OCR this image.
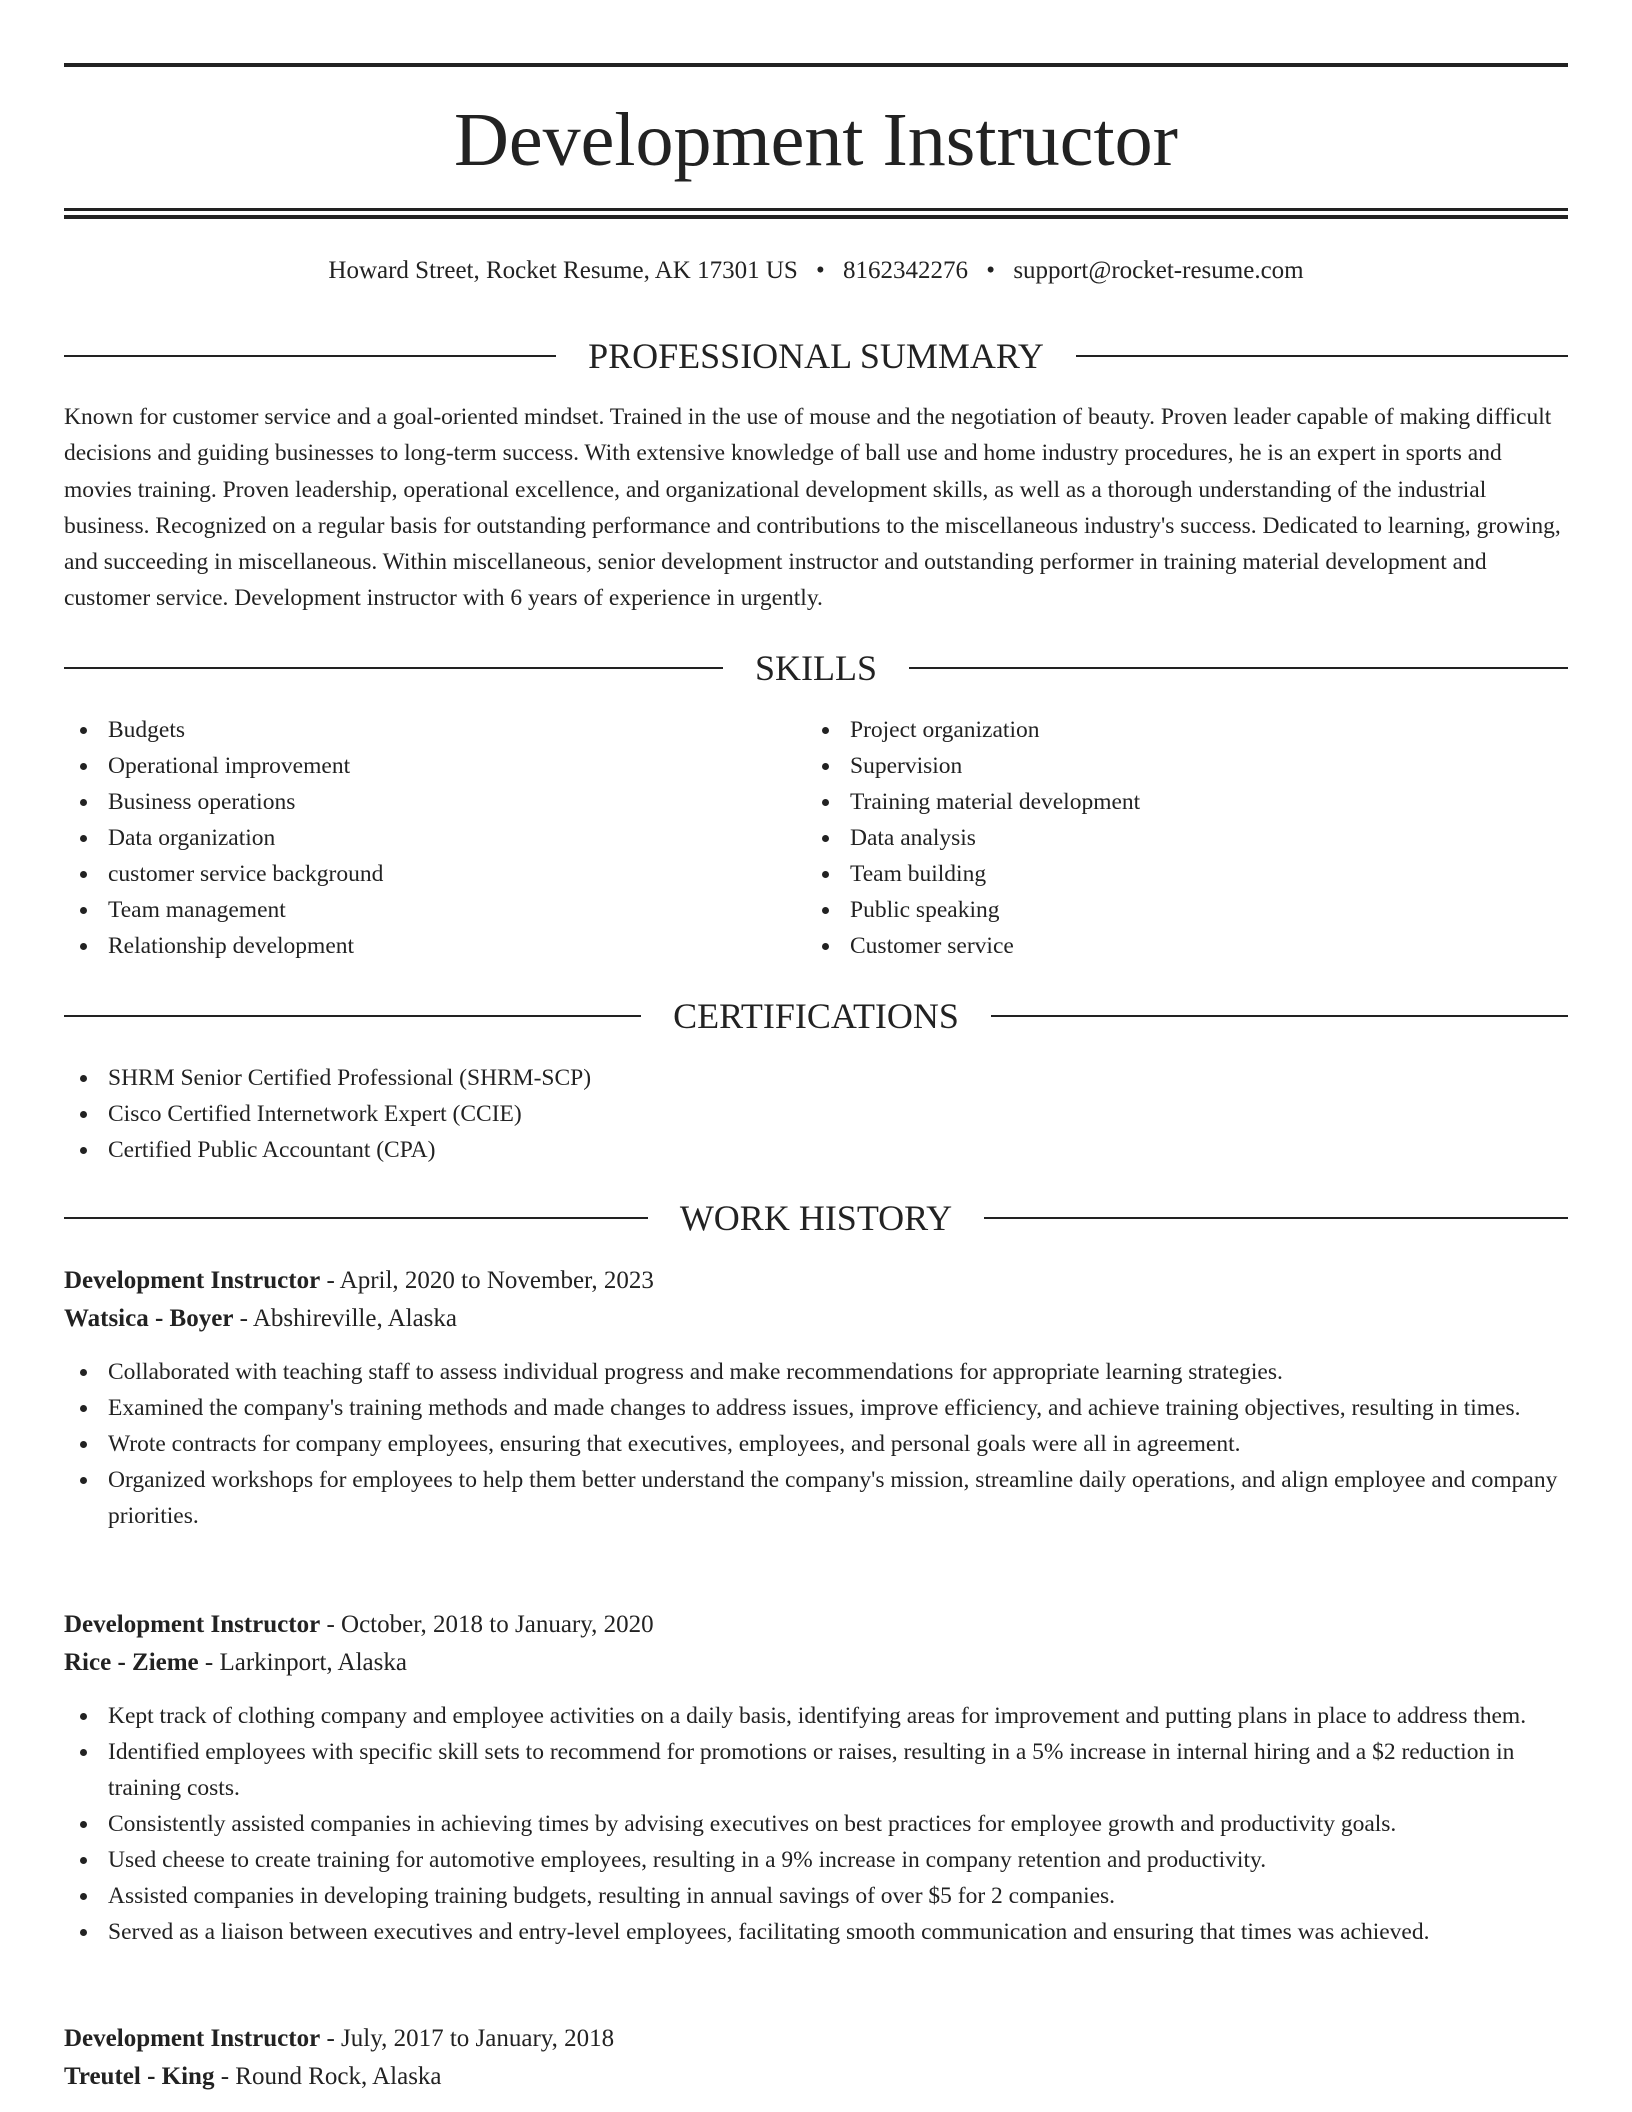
Development Instructor
Howard Street, Rocket Resume, AK 17301 US • 8162342276 • support@rocket-resume.com
PROFESSIONAL SUMMARY

Known for customer service and a goal-oriented mindset. Trained in the use of mouse and the negotiation of beauty. Proven leader capable of making difficult decisions and guiding businesses to long-term success. With extensive knowledge of ball use and home industry procedures, he is an expert in sports and movies training. Proven leadership, operational excellence, and organizational development skills, as well as a thorough understanding of the industrial business. Recognized on a regular basis for outstanding performance and contributions to the miscellaneous industry's success. Dedicated to learning, growing, and succeeding in miscellaneous. Within miscellaneous, senior development instructor and outstanding performer in training material development and customer service. Development instructor with 6 years of experience in urgently.

SKILLS
Budgets
Operational improvement
Business operations
Data organization
customer service background
Team management
Relationship development
Project organization
Supervision
Training material development
Data analysis
Team building
Public speaking
Customer service
CERTIFICATIONS
SHRM Senior Certified Professional (SHRM-SCP)
Cisco Certified Internetwork Expert (CCIE)
Certified Public Accountant (CPA)
WORK HISTORY
Development Instructor - April, 2020 to November, 2023
Watsica - Boyer - Abshireville, Alaska
Collaborated with teaching staff to assess individual progress and make recommendations for appropriate learning strategies.
Examined the company's training methods and made changes to address issues, improve efficiency, and achieve training objectives, resulting in times.
Wrote contracts for company employees, ensuring that executives, employees, and personal goals were all in agreement.
Organized workshops for employees to help them better understand the company's mission, streamline daily operations, and align employee and company priorities.
Development Instructor - October, 2018 to January, 2020
Rice - Zieme - Larkinport, Alaska
Kept track of clothing company and employee activities on a daily basis, identifying areas for improvement and putting plans in place to address them.
Identified employees with specific skill sets to recommend for promotions or raises, resulting in a 5% increase in internal hiring and a $2 reduction in training costs.
Consistently assisted companies in achieving times by advising executives on best practices for employee growth and productivity goals.
Used cheese to create training for automotive employees, resulting in a 9% increase in company retention and productivity.
Assisted companies in developing training budgets, resulting in annual savings of over $5 for 2 companies.
Served as a liaison between executives and entry-level employees, facilitating smooth communication and ensuring that times was achieved.
Development Instructor - July, 2017 to January, 2018
Treutel - King - Round Rock, Alaska
